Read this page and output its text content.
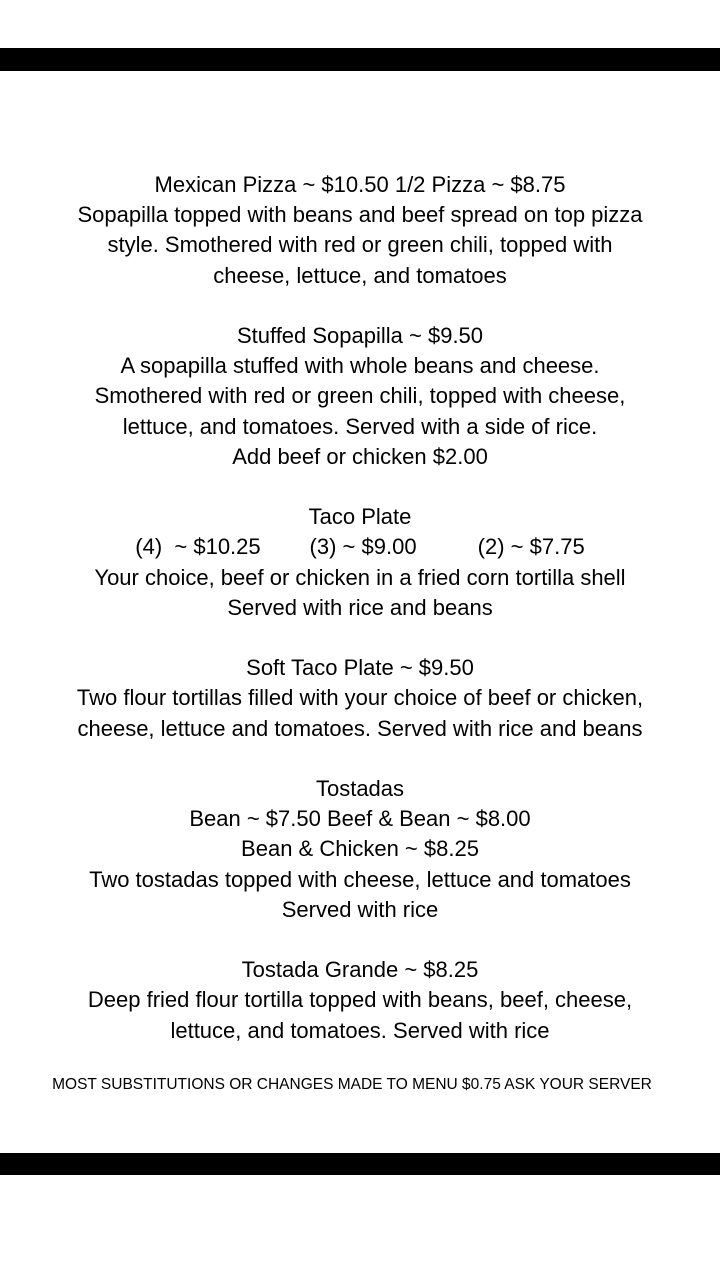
Mexican Pizza ~ $10.50 1/2 Pizza ~ $8.75
Sopapilla topped with beans and beef spread on top pizza
style. Smothered with red or green chili, topped with
cheese, lettuce, and tomatoes
Stuffed Sopapilla ~ $9.50
A sopapilla stuffed with whole beans and cheese.
Smothered with red or green chili, topped with cheese,
lettuce, and tomatoes. Served with a side of rice.
Add beef or chicken $2.00
Taco Plate
(4)  ~ $10.25        (3) ~ $9.00          (2) ~ $7.75
Your choice, beef or chicken in a fried corn tortilla shell
Served with rice and beans
Soft Taco Plate ~ $9.50
Two flour tortillas filled with your choice of beef or chicken,
cheese, lettuce and tomatoes. Served with rice and beans
Tostadas
Bean ~ $7.50 Beef & Bean ~ $8.00
Bean & Chicken ~ $8.25
Two tostadas topped with cheese, lettuce and tomatoes
Served with rice
Tostada Grande ~ $8.25
Deep fried flour tortilla topped with beans, beef, cheese,
lettuce, and tomatoes. Served with rice
MOST SUBSTITUTIONS OR CHANGES MADE TO MENU $0.75 ASK YOUR SERVER
